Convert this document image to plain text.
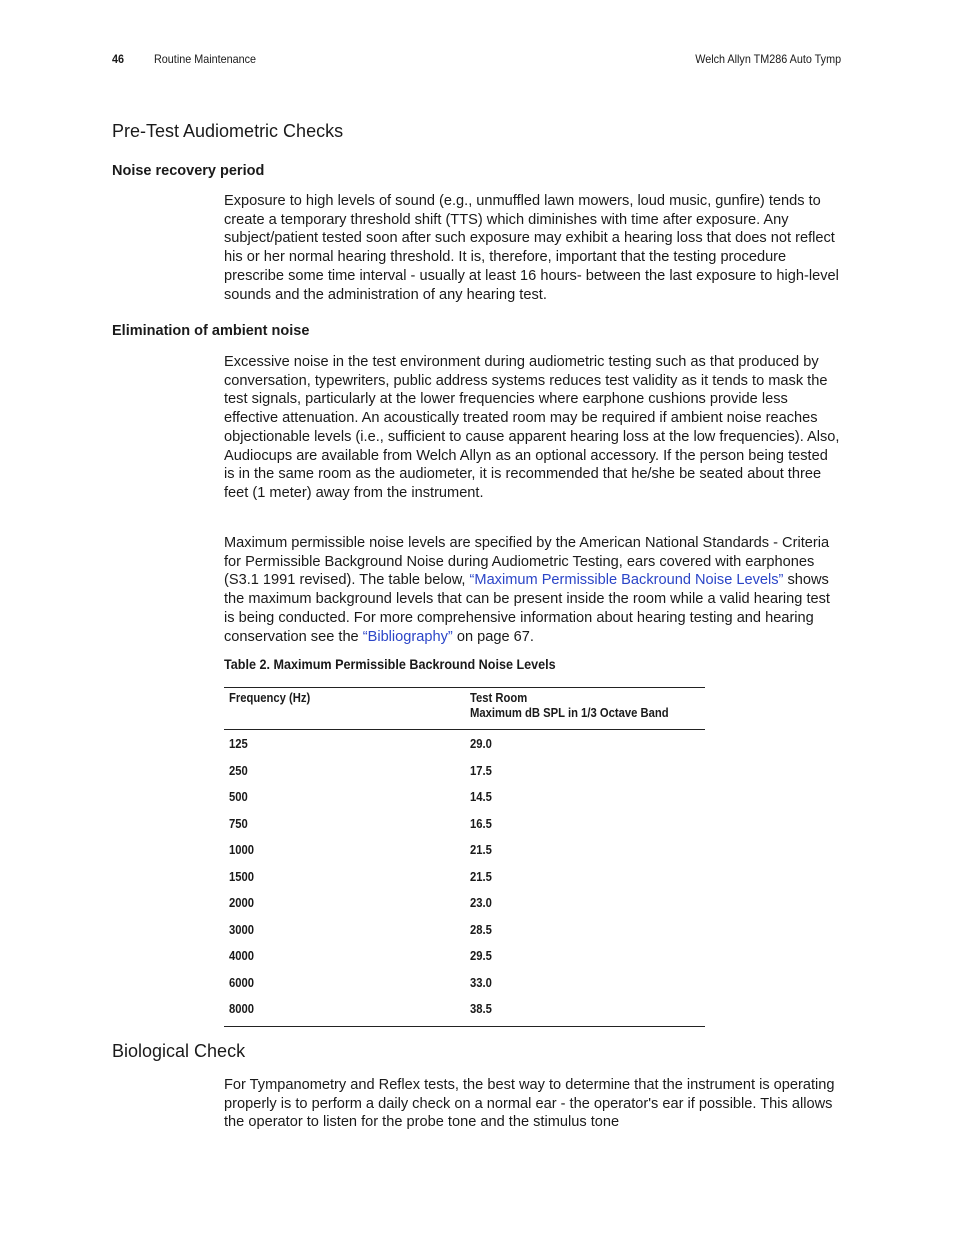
46 Routine Maintenance	Welch Allyn TM286 Auto Tymp
Pre-Test Audiometric Checks
Noise recovery period

Exposure to high levels of sound (e.g., unmuffled lawn mowers, loud music, gunfire) tends to create a temporary threshold shift (TTS) which diminishes with time after exposure. Any subject/patient tested soon after such exposure may exhibit a hearing loss that does not reflect his or her normal hearing threshold. It is, therefore, important that the testing procedure prescribe some time interval - usually at least 16 hours- between the last exposure to high-level sounds and the administration of any hearing test.

Elimination of ambient noise

Excessive noise in the test environment during audiometric testing such as that produced by conversation, typewriters, public address systems reduces test validity as it tends to mask the test signals, particularly at the lower frequencies where earphone cushions provide less effective attenuation. An acoustically treated room may be required if ambient noise reaches objectionable levels (i.e., sufficient to cause apparent hearing loss at the low frequencies). Also, Audiocups are available from Welch Allyn as an optional accessory. If the person being tested is in the same room as the audiometer, it is recommended that he/she be seated about three feet (1 meter) away from the instrument.

Maximum permissible noise levels are specified by the American National Standards - Criteria for Permissible Background Noise during Audiometric Testing, ears covered with earphones (S3.1 1991 revised). The table below, “Maximum Permissible Backround Noise Levels” shows the maximum background levels that can be present inside the room while a valid hearing test is being conducted. For more comprehensive information about hearing testing and hearing conservation see the “Bibliography” on page 67.

Table 2. Maximum Permissible Backround Noise Levels
Frequency (Hz)	Test Room
Maximum dB SPL in 1/3 Octave Band
125	29.0
250	17.5
500	14.5
750	16.5
1000	21.5
1500	21.5
2000	23.0
3000	28.5
4000	29.5
6000	33.0
8000	38.5
Biological Check

For Tympanometry and Reflex tests, the best way to determine that the instrument is operating properly is to perform a daily check on a normal ear - the operator's ear if possible. This allows the operator to listen for the probe tone and the stimulus tone
